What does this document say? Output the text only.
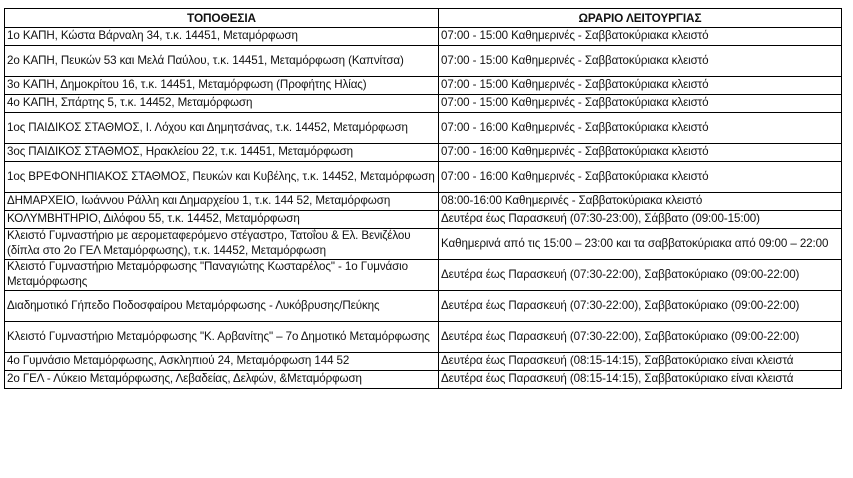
ΤΟΠΟΘΕΣΙΑ	ΩΡΑΡΙΟ ΛΕΙΤΟΥΡΓΙΑΣ
1ο ΚΑΠΗ, Κώστα Βάρναλη 34, τ.κ. 14451, Μεταμόρφωση	07:00 - 15:00 Καθημερινές - Σαββατοκύριακα κλειστό
2ο ΚΑΠΗ, Πευκών 53 και Μελά Παύλου, τ.κ. 14451, Μεταμόρφωση (Καπνίτσα)	07:00 - 15:00 Καθημερινές - Σαββατοκύριακα κλειστό
3ο ΚΑΠΗ, Δημοκρίτου 16, τ.κ. 14451, Μεταμόρφωση (Προφήτης Ηλίας)	07:00 - 15:00 Καθημερινές - Σαββατοκύριακα κλειστό
4ο ΚΑΠΗ, Σπάρτης 5, τ.κ. 14452, Μεταμόρφωση	07:00 - 15:00 Καθημερινές - Σαββατοκύριακα κλειστό
1ος ΠΑΙΔΙΚΟΣ ΣΤΑΘΜΟΣ, Ι. Λόχου και Δημητσάνας, τ.κ. 14452, Μεταμόρφωση	07:00 - 16:00 Καθημερινές - Σαββατοκύριακα κλειστό
3ος ΠΑΙΔΙΚΟΣ ΣΤΑΘΜΟΣ, Ηρακλείου 22, τ.κ. 14451, Μεταμόρφωση	07:00 - 16:00 Καθημερινές - Σαββατοκύριακα κλειστό
1ος ΒΡΕΦΟΝΗΠΙΑΚΟΣ ΣΤΑΘΜΟΣ, Πευκών και Κυβέλης, τ.κ. 14452, Μεταμόρφωση	07:00 - 16:00 Καθημερινές - Σαββατοκύριακα κλειστό
ΔΗΜΑΡΧΕΙΟ, Ιωάννου Ράλλη και Δημαρχείου 1, τ.κ. 144 52, Μεταμόρφωση	08:00-16:00 Καθημερινές - Σαββατοκύριακα κλειστό
ΚΟΛΥΜΒΗΤΗΡΙΟ, Διλόφου 55, τ.κ. 14452, Μεταμόρφωση	Δευτέρα έως Παρασκευή (07:30-23:00), Σάββατο (09:00-15:00)
Κλειστό Γυμναστήριο με αερομεταφερόμενο στέγαστρο, Τατοΐου & Ελ. Βενιζέλου (δίπλα στο 2ο ΓΕΛ Μεταμόρφωσης), τ.κ. 14452, Μεταμόρφωση	Καθημερινά από τις 15:00 – 23:00 και τα σαββατοκύριακα από 09:00 – 22:00
Κλειστό Γυμναστήριο Μεταμόρφωσης "Παναγιώτης Κωσταρέλος" - 1ο Γυμνάσιο Μεταμόρφωσης	Δευτέρα έως Παρασκευή (07:30-22:00), Σαββατοκύριακο (09:00-22:00)
Διαδημοτικό Γήπεδο Ποδοσφαίρου Μεταμόρφωσης - Λυκόβρυσης/Πεύκης	Δευτέρα έως Παρασκευή (07:30-22:00), Σαββατοκύριακο (09:00-22:00)
Κλειστό Γυμναστήριο Μεταμόρφωσης "Κ. Αρβανίτης" – 7ο Δημοτικό Μεταμόρφωσης	Δευτέρα έως Παρασκευή (07:30-22:00), Σαββατοκύριακο (09:00-22:00)
4ο Γυμνάσιο Μεταμόρφωσης, Ασκληπιού 24, Μεταμόρφωση 144 52	Δευτέρα έως Παρασκευή (08:15-14:15), Σαββατοκύριακο είναι κλειστά
2ο ΓΕΛ - Λύκειο Μεταμόρφωσης, Λεβαδείας, Δελφών, &Μεταμόρφωση	Δευτέρα έως Παρασκευή (08:15-14:15), Σαββατοκύριακο είναι κλειστά
